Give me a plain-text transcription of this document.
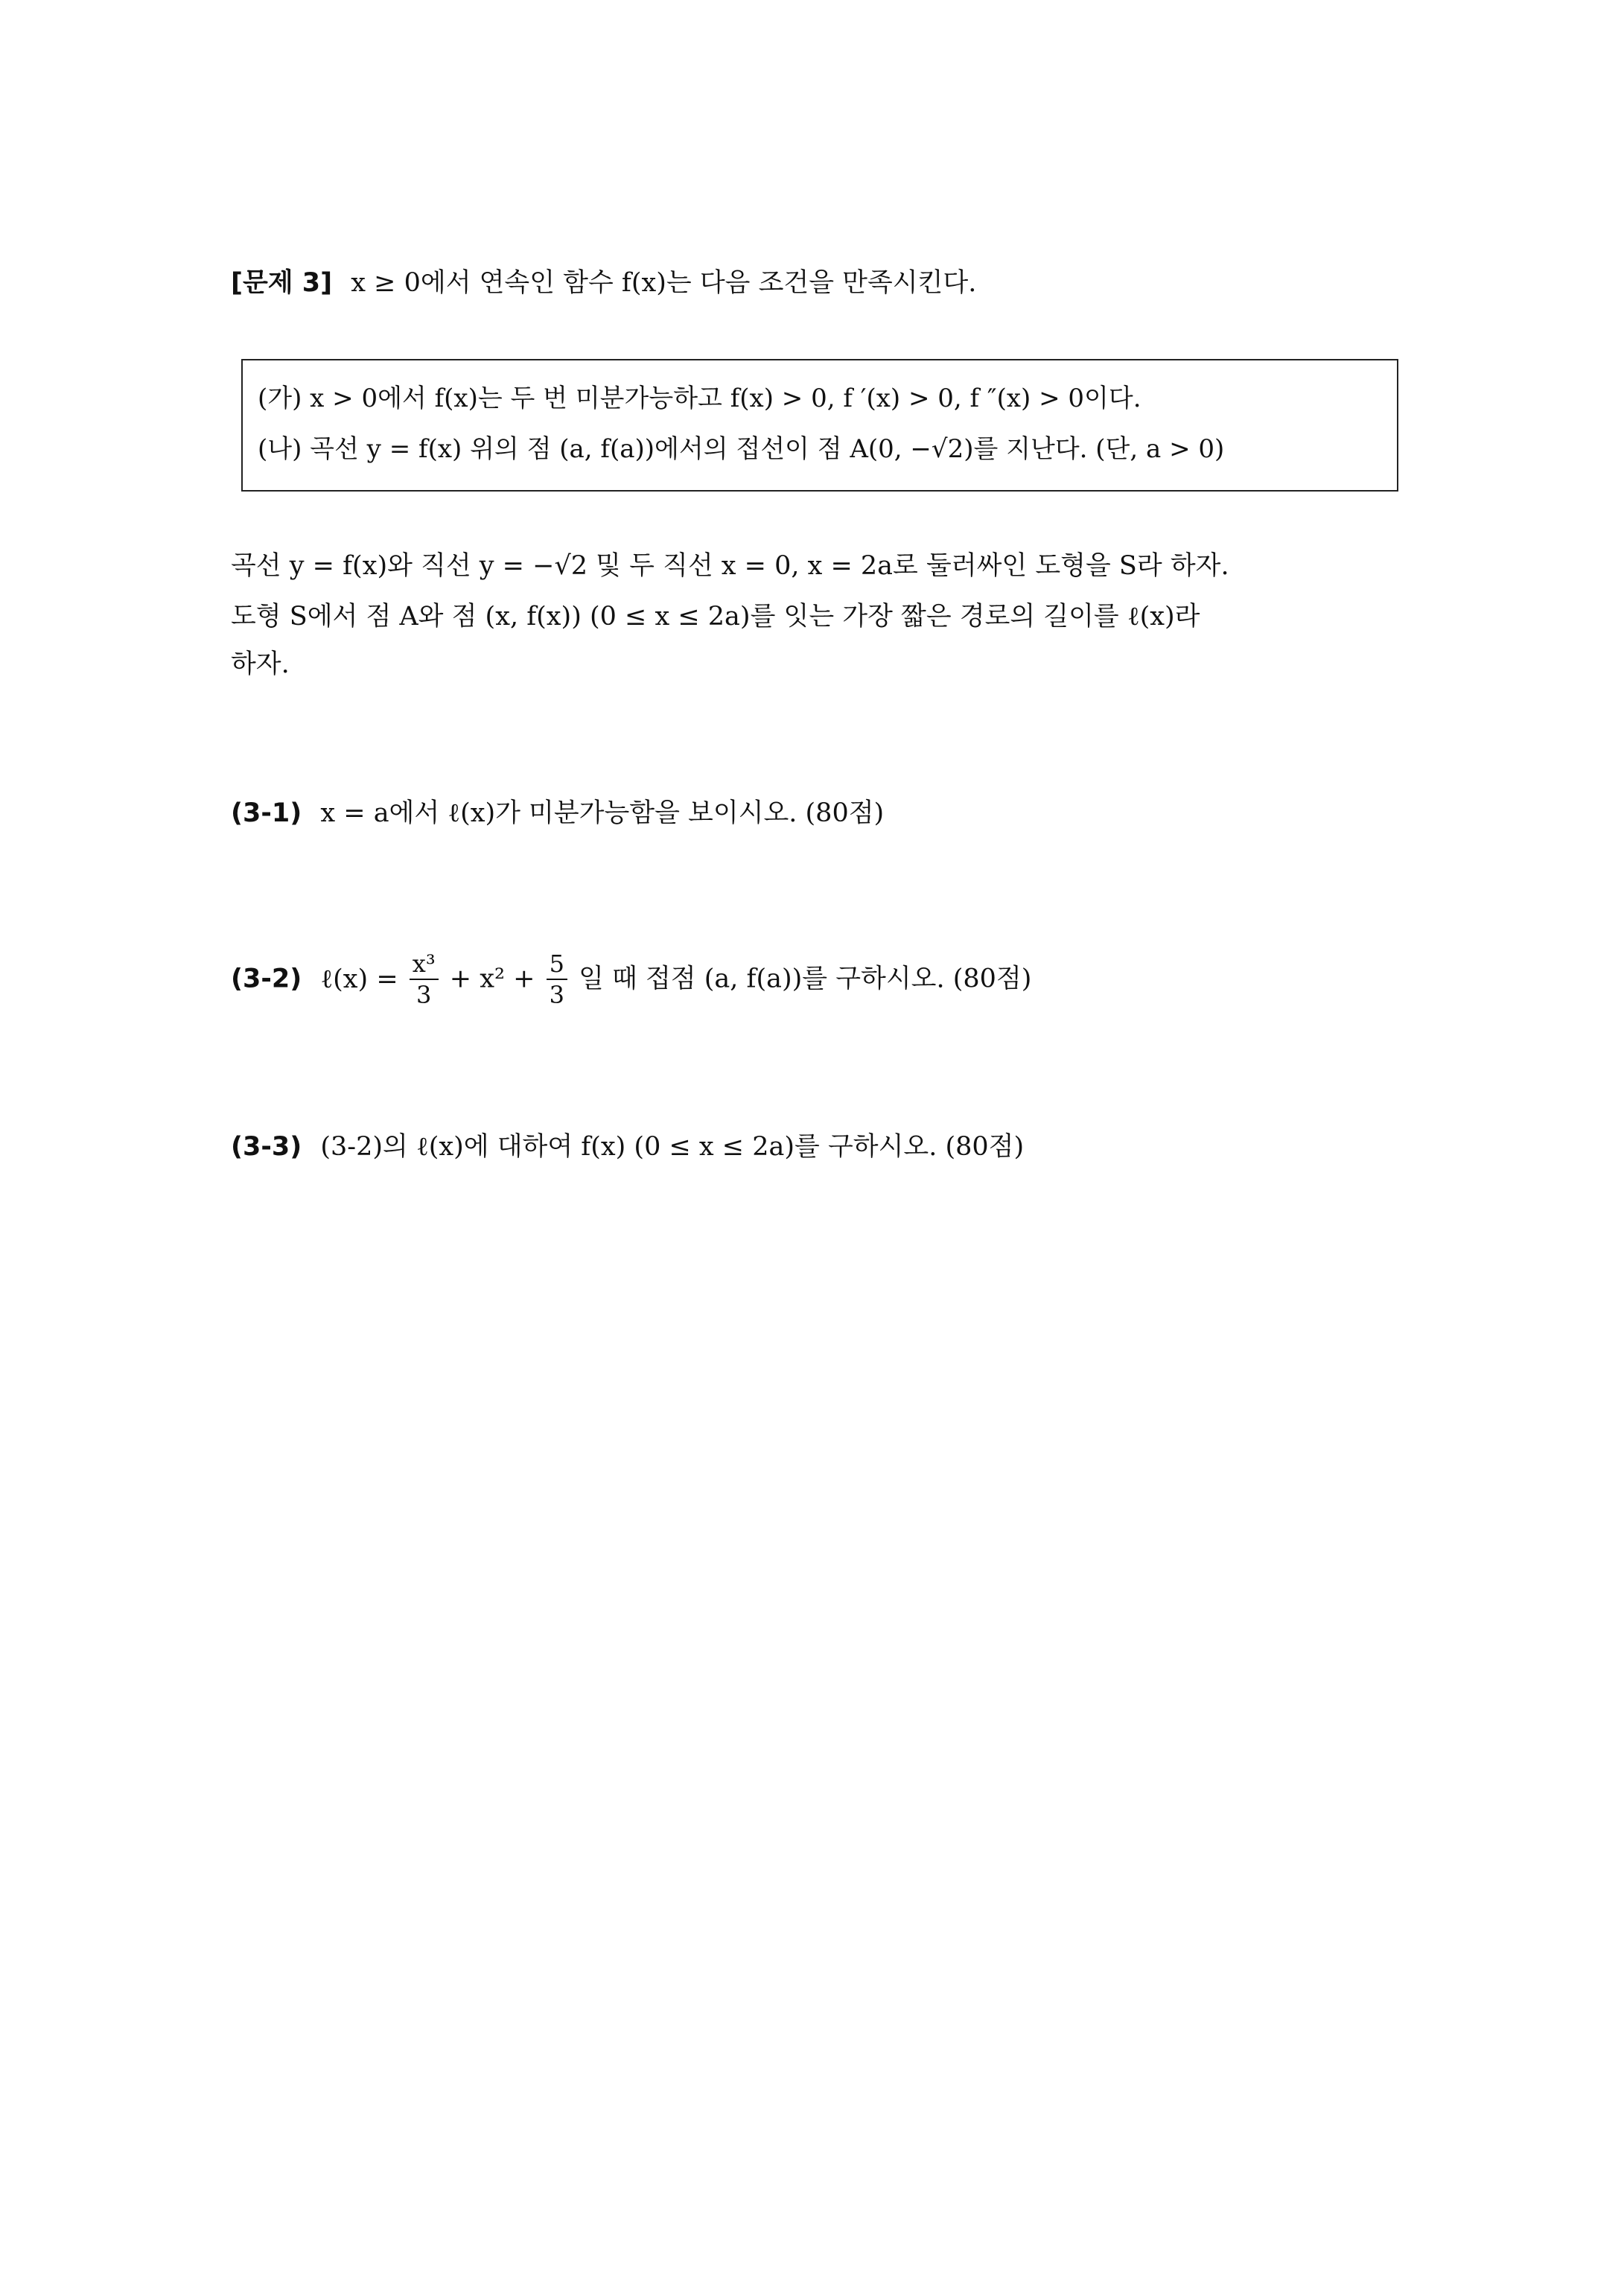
[문제 3] x ≥ 0에서 연속인 함수 f(x)는 다음 조건을 만족시킨다.
(가) x > 0에서 f(x)는 두 번 미분가능하고 f(x) > 0, f ′(x) > 0, f ″(x) > 0이다.
(나) 곡선 y = f(x) 위의 점 (a, f(a))에서의 접선이 점 A(0, −√2)를 지난다. (단, a > 0)
곡선 y = f(x)와 직선 y = −√2 및 두 직선 x = 0, x = 2a로 둘러싸인 도형을 S라 하자.
도형 S에서 점 A와 점 (x, f(x)) (0 ≤ x ≤ 2a)를 잇는 가장 짧은 경로의 길이를 ℓ(x)라
하자.
(3-1) x = a에서 ℓ(x)가 미분가능함을 보이시오. (80점)
(3-2) ℓ(x) = $\frac{\text{x³}}{3} + x^2 + \frac{5}{3}$ 일 때 접점 (a, f(a))를 구하시오. (80점)
(3-3) (3-2)의 ℓ(x)에 대하여 f(x) (0 ≤ x ≤ 2a)를 구하시오. (80점)
